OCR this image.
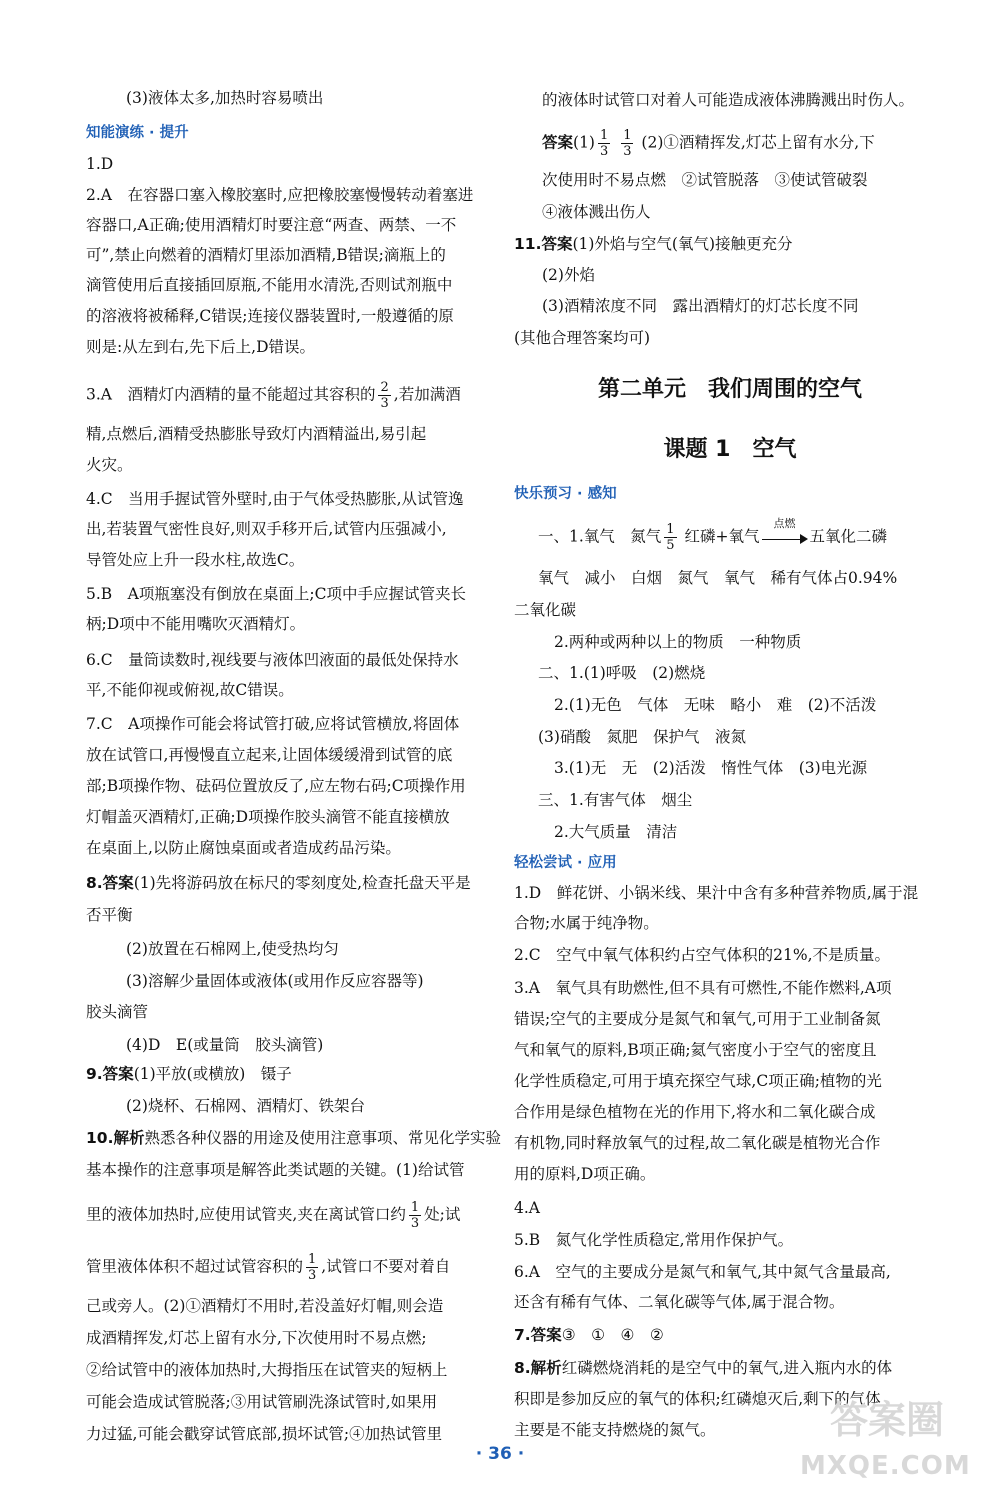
(3)液体太多,加热时容易喷出
知能演练 · 提升
1.D
2.A　在容器口塞入橡胶塞时,应把橡胶塞慢慢转动着塞进
容器口,A正确;使用酒精灯时要注意“两查、两禁、一不
可”,禁止向燃着的酒精灯里添加酒精,B错误;滴瓶上的
滴管使用后直接插回原瓶,不能用水清洗,否则试剂瓶中
的溶液将被稀释,C错误;连接仪器装置时,一般遵循的原
则是:从左到右,先下后上,D错误。
3.A　酒精灯内酒精的量不能超过其容积的 $\frac{2}{3}$ ,若加满酒
精,点燃后,酒精受热膨胀导致灯内酒精溢出,易引起
火灾。
4.C　当用手握试管外壁时,由于气体受热膨胀,从试管逸
出,若装置气密性良好,则双手移开后,试管内压强减小,
导管处应上升一段水柱,故选C。
5.B　A项瓶塞没有倒放在桌面上;C项中手应握试管夹长
柄;D项中不能用嘴吹灭酒精灯。
6.C　量筒读数时,视线要与液体凹液面的最低处保持水
平,不能仰视或俯视,故C错误。
7.C　A项操作可能会将试管打破,应将试管横放,将固体
放在试管口,再慢慢直立起来,让固体缓缓滑到试管的底
部;B项操作物、砝码位置放反了,应左物右码;C项操作用
灯帽盖灭酒精灯,正确;D项操作胶头滴管不能直接横放
在桌面上,以防止腐蚀桌面或者造成药品污染。
8.答案(1)先将游码放在标尺的零刻度处,检查托盘天平是
否平衡
(2)放置在石棉网上,使受热均匀
(3)溶解少量固体或液体(或用作反应容器等)
胶头滴管
(4)D　E(或量筒　胶头滴管)
9.答案(1)平放(或横放)　镊子
(2)烧杯、石棉网、酒精灯、铁架台
10.解析熟悉各种仪器的用途及使用注意事项、常见化学实验
基本操作的注意事项是解答此类试题的关键。(1)给试管
里的液体加热时,应使用试管夹,夹在离试管口约 $\frac{1}{3}$ 处;试
管里液体体积不超过试管容积的 $\frac{1}{3}$ ,试管口不要对着自
己或旁人。(2)①酒精灯不用时,若没盖好灯帽,则会造
成酒精挥发,灯芯上留有水分,下次使用时不易点燃;
②给试管中的液体加热时,大拇指压在试管夹的短柄上
可能会造成试管脱落;③用试管刷洗涤试管时,如果用
力过猛,可能会戳穿试管底部,损坏试管;④加热试管里
的液体时试管口对着人可能造成液体沸腾溅出时伤人。
答案$(1) \frac{1}{3}$
$\frac{1}{3}$ (2)①酒精挥发,灯芯上留有水分,下
次使用时不易点燃　②试管脱落　③使试管破裂
④液体溅出伤人
11.答案(1)外焰与空气(氧气)接触更充分
(2)外焰
(3)酒精浓度不同　露出酒精灯的灯芯长度不同
(其他合理答案均可)
第二单元　我们周围的空气
课题 1　空气
快乐预习 · 感知
一、1.氧气　氮气 $\frac{1}{5}$ 红磷+氧气
点燃
五氧化二磷
氧气　减小　白烟　氮气　氧气　稀有气体占0.94%
二氧化碳
2.两种或两种以上的物质　一种物质
二、1.(1)呼吸　(2)燃烧
2.(1)无色　气体　无味　略小　难　(2)不活泼
(3)硝酸　氮肥　保护气　液氮
3.(1)无　无　(2)活泼　惰性气体　(3)电光源
三、1.有害气体　烟尘
2.大气质量　清洁
轻松尝试 · 应用
1.D　鲜花饼、小锅米线、果汁中含有多种营养物质,属于混
合物;水属于纯净物。
2.C　空气中氧气体积约占空气体积的21%,不是质量。
3.A　氧气具有助燃性,但不具有可燃性,不能作燃料,A项
错误;空气的主要成分是氮气和氧气,可用于工业制备氮
气和氧气的原料,B项正确;氦气密度小于空气的密度且
化学性质稳定,可用于填充探空气球,C项正确;植物的光
合作用是绿色植物在光的作用下,将水和二氧化碳合成
有机物,同时释放氧气的过程,故二氧化碳是植物光合作
用的原料,D项正确。
4.A
5.B　氮气化学性质稳定,常用作保护气。
6.A　空气的主要成分是氮气和氧气,其中氮气含量最高,
还含有稀有气体、二氧化碳等气体,属于混合物。
7.答案③　①　④　②
8.解析红磷燃烧消耗的是空气中的氧气,进入瓶内水的体
积即是参加反应的氧气的体积;红磷熄灭后,剩下的气体
主要是不能支持燃烧的氮气。
· 36 ·
答案圈
MXQE.COM
